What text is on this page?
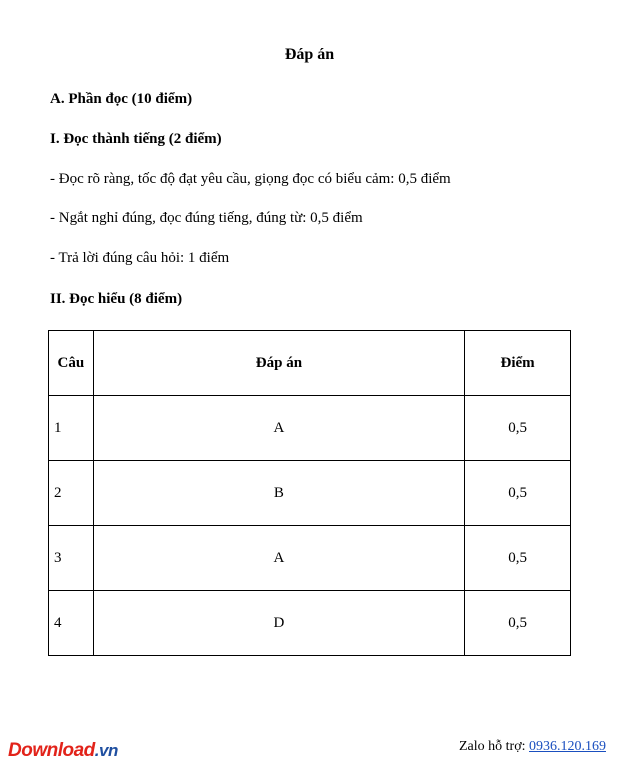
Đáp án
A. Phần đọc (10 điểm)
I. Đọc thành tiếng (2 điểm)
- Đọc rõ ràng, tốc độ đạt yêu cầu, giọng đọc có biểu cảm: 0,5 điểm
- Ngắt nghỉ đúng, đọc đúng tiếng, đúng từ: 0,5 điểm
- Trả lời đúng câu hỏi: 1 điểm
II. Đọc hiểu (8 điểm)
Câu	Đáp án	Điểm
1	A	0,5
2	B	0,5
3	A	0,5
4	D	0,5
Download.vn	Zalo hỗ trợ: 0936.120.169
